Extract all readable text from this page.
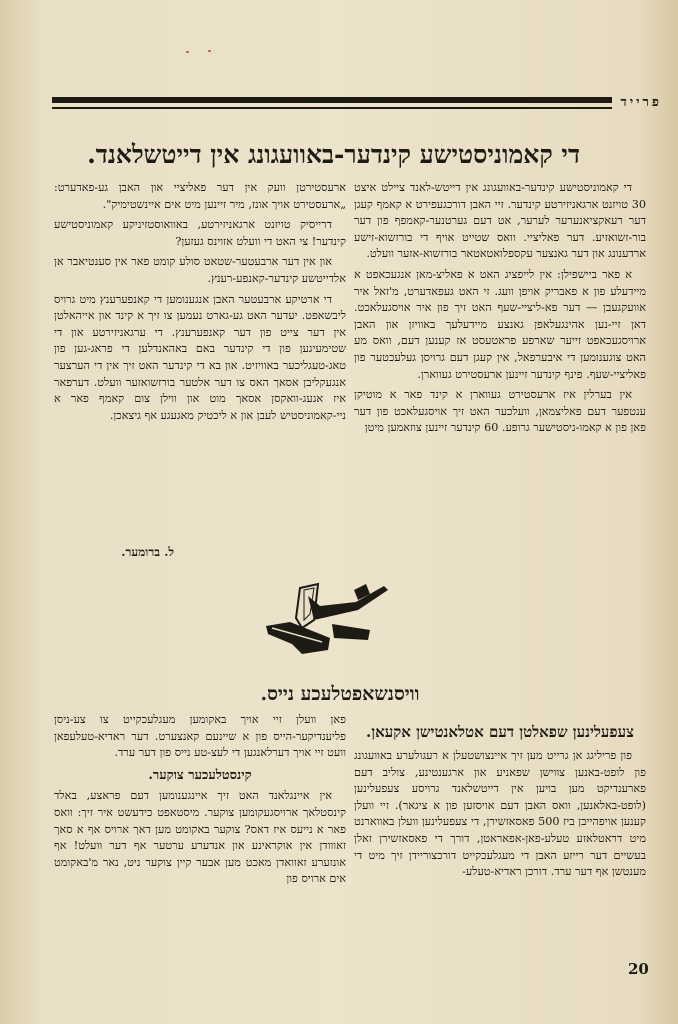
פרייד
די קאמוניסטישע קינדער-באוועגונג אין דייטשלאנד.

די קאמוניסטישע קינדער-באוועגונג אין דייטש-לאנד ציילט איצט 30 טויזנט ארגאניזירטע קינדער. זיי האבן דורכגעפירט א קאמף קעגן דער רעאקציאנערער לערער, אט דעם גערטנער-קאמפף פון דער בור-זשואזיע. דער פאליציי. וואס שטייט אויף די בורזשוא-זישע ארדענונג און דער גאנצער עקספלואטאטאר בורזשוא-אזער וועלט.

א פאר ביישפילן: אין לייפציג האט א פאליצ-מאן אנגעכאפט א מיידעלע פון א פאבריק אויפן וועג. זי האט געפאדערט, מ'זאל איר אוועקגעבן — דער פא-ליציי-שעף האט זיך פון איר אויסגעלאכט. דאן זיי-נען אהינגעלאפן גאנצע מיידעלעך באוויזן און האבן ארויסגעכאפט זייער שארפע פראטעסט אז קענען דעם, וואס מע האט צוגענומען די איבערפאל, אין קעגן דעם גרויסן געלעכטער פון פאליציי-שעף. פינף קינדער זיינען ארעסטירט געווארן.

אין בערלין איז ארעסטירט געווארן א קינד פאר א מוטיקן ענטפער דעם פאליצמאן, וועלכער האט זיך אויסגעלאכט פון דער פאן פון א קאמו-ניסטישער גרופע. 60 קינדער זיינען צוזאמען מיטן

ארעסטירטן וועק אין דער פאליציי און האבן גע-פאדערט: „ארעסטירט אויך אונז, מיר זיינען מיט אים איינשטימיק".

דרייסיק טויזנט ארגאניזירטע, באוואוסטזיניקע קאמוניסטישע קינדער! צי האט די וועלט אזוינס געזען?

און אין דער ארבעטער-שטאט סולע קומט פאר אין סענטיאבר אן אלדייטשע קינדער-קאנפע-רענץ.

די ארטיקע ארבעטער האבן אנגענומען די קאנפערענץ מיט גרויס ליבשאפט. יעדער האט גע-גארט נעמען צו זיך א קינד און אייהאלטן אין דער צייט פון דער קאנפערענץ. די ערגאניזירטע און די שטימעיגען פון די קינדער באם באהאנדלען די פראג-גען פון טאג-טעגליכער באוויזיט. און בא די קינדער האט זיך אין די הערצער אנגעקליבן אסאך האס צו דער אלטער בורזשואזער וועלט. דערפאר איז אגעג-וואקסן אסאך מוט און ווילן צום קאמף פאר א ניי-קאמוניסטיש לעבן און א ליכטיק מאגעגע אף גיצאכן.

ל. ברומער.
וויסנשאפטלעכע נייס.
צעפעלינען שפאלטן דעם אטלאנטישן אקעאן.

פון פריליגג אן גרייט מען זיך איינצושטעלן א רעגולערע באוועגונג פון לופט-באנען צווישן שפאניע און ארגענטינע, צוליב דעם פארענדיקט מען בויען אין דייטשלאנד גרויסע צעפעלינען (לופט-באלאנען, וואס האבן דעם אויסזען פון א ציגאר). זיי וועלן קענען אויפהייבן ביז 500 פאסאזשירן, די צעפעלינען וועלן באווארנט מיט דראטלאזע טעלע-פאן-אפאראטן, דורך די פאסאזשירן זאלן בעשיים דער רייזע האבן די מעגלעכקייט דורכצוריידן זיך מיט די מענטשן אף דער ערד. דורכן ראדיא-טעלע-

פאן וועלן זיי אויך באקומען מעגלעכקייט צו צע-ניסן פליענדיקער-הייס פון א שיינעם קאנצערט. דער ראדיא-טעלעפאן וועט זיי אויך דערלאנגען די לעצ-טע נייס פון דער ערד.

קינסטלעכער צוקער.

אין איינגלאנד האט זיך איינגענומען דעם פראצע, באלד קינסטלאך ארויסגעקומען צוקער. מיסטאפט כידעשט איר זיך: וואס פאר א נייעס איז דאס? צוקער באקומט מען דאך ארויס אף א סאך זאווודן אין אוקראינע און אנדערע ערטער אף דער וועלט! אף אונזערע זאוואדן מאכט מען אבער קיין צוקער ניט, נאר מ'באקומט אים ארויס פון

20
